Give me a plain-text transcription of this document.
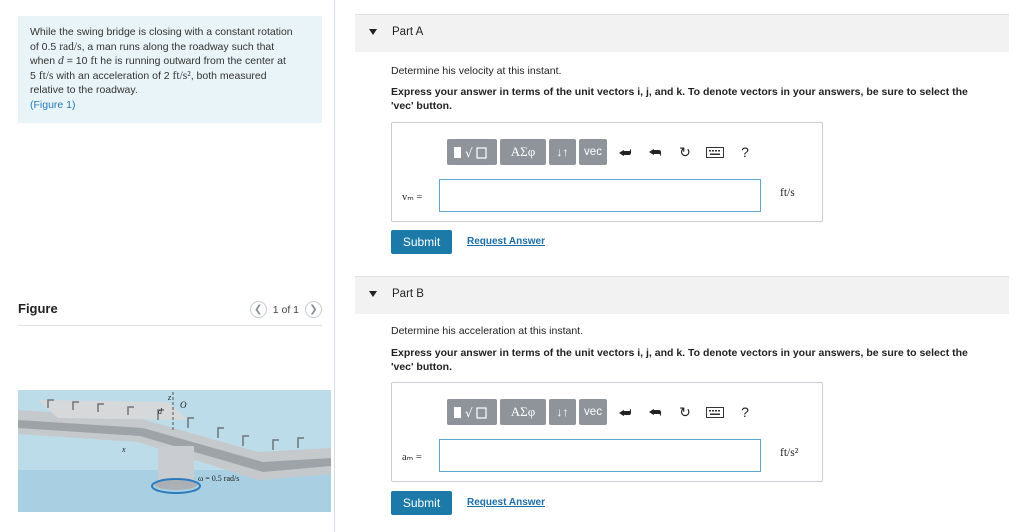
While the swing bridge is closing with a constant rotation
of 0.5 rad/s, a man runs along the roadway such that
when d = 10 ft he is running outward from the center at
5 ft/s with an acceleration of 2 ft/s², both measured
relative to the roadway.
(Figure 1)
Figure	❮ 1 of 1	❯
O
z
d
x
ω = 0.5 rad/s
Part A
Determine his velocity at this instant.
Express your answer in terms of the unit vectors i, j, and k. To denote vectors in your answers, be sure to select the
'vec' button.
√	ΑΣφ	↓↑	vec	⮨	⮪	↻	?
vₘ =	ft/s
Submit	Request Answer
Part B
Determine his acceleration at this instant.
Express your answer in terms of the unit vectors i, j, and k. To denote vectors in your answers, be sure to select the
'vec' button.
√	ΑΣφ	↓↑	vec	⮨	⮪	↻	?
aₘ =	ft/s²
Submit	Request Answer
